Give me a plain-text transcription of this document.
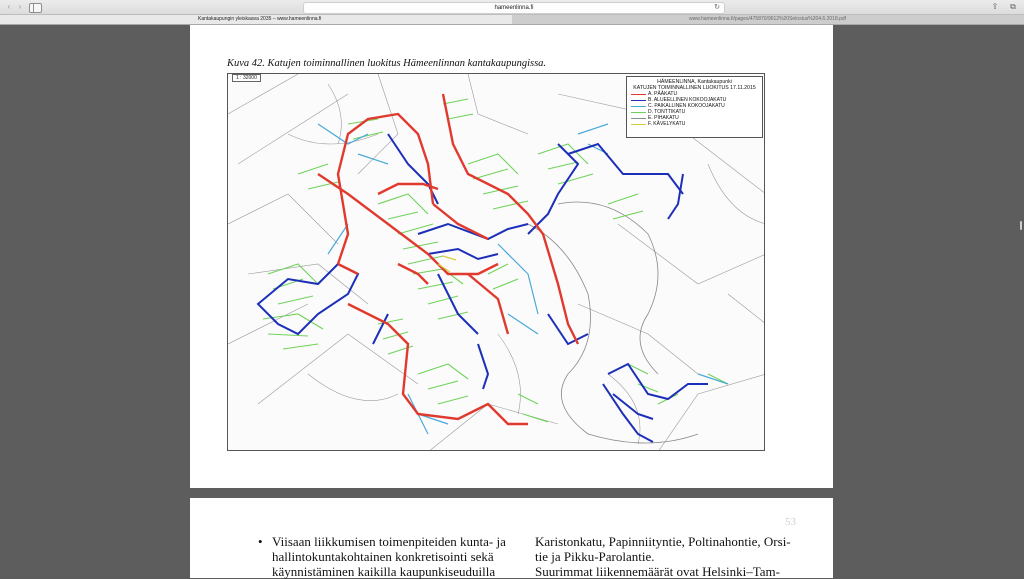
‹	›	hameenlinna.fi	↻	⇪ ⧉
Kantakaupungin yleiskaava 2035 – www.hameenlinna.fi	www.hameenlinna.fi/pages/475870/9612%20Selostus%204.6.2018.pdf
Kuva 42. Katujen toiminnallinen luokitus Hämeenlinnan kantakaupungissa.
1 : 32000
HÄMEENLINNA, Kantakaupunki
KATUJEN TOIMINNALLINEN LUOKITUS 17.11.2015
A. PÄÄKATU
B. ALUEELLINEN KOKOOJAKATU
C. PAIKALLINEN KOKOOJAKATU
D. TONTTIKATU
E. PIHAKATU
F. KÄVELYKATU
53
• Viisaan liikkumisen toimenpiteiden kunta- ja
hallintokuntakohtainen konkretisointi sekä
käynnistäminen kaikilla kaupunkiseuduilla
Karistonkatu, Papinniityntie, Poltinahontie, Orsi-
tie ja Pikku-Parolantie.
Suurimmat liikennemäärät ovat Helsinki–Tam-
